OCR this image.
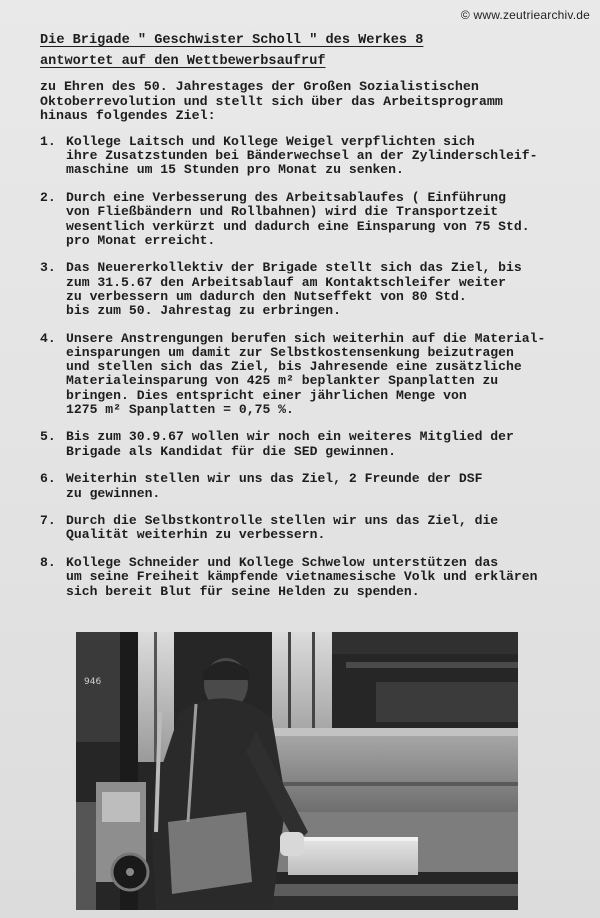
© www.zeutriearchiv.de
Die Brigade " Geschwister Scholl " des Werkes 8
antwortet auf den Wettbewerbsaufruf
zu Ehren des 50. Jahrestages der Großen Sozialistischen
Oktoberrevolution und stellt sich über das Arbeitsprogramm
hinaus folgendes Ziel:
1. Kollege Laitsch und Kollege Weigel verpflichten sich
ihre Zusatzstunden bei Bänderwechsel an der Zylinderschleif-
maschine um 15 Stunden pro Monat zu senken.
2. Durch eine Verbesserung des Arbeitsablaufes ( Einführung
von Fließbändern und Rollbahnen) wird die Transportzeit
wesentlich verkürzt und dadurch eine Einsparung von 75 Std.
pro Monat erreicht.
3. Das Neuererkollektiv der Brigade stellt sich das Ziel, bis
zum 31.5.67 den Arbeitsablauf am Kontaktschleifer weiter
zu verbessern um dadurch den Nutseffekt von 80 Std.
bis zum 50. Jahrestag zu erbringen.
4. Unsere Anstrengungen berufen sich weiterhin auf die Material-
einsparungen um damit zur Selbstkostensenkung beizutragen
und stellen sich das Ziel, bis Jahresende eine zusätzliche
Materialeinsparung von 425 m² beplankter Spanplatten zu
bringen. Dies entspricht einer jährlichen Menge von
1275 m² Spanplatten = 0,75 %.
5. Bis zum 30.9.67 wollen wir noch ein weiteres Mitglied der
Brigade als Kandidat für die SED gewinnen.
6. Weiterhin stellen wir uns das Ziel, 2 Freunde der DSF
zu gewinnen.
7. Durch die Selbstkontrolle stellen wir uns das Ziel, die
Qualität weiterhin zu verbessern.
8. Kollege Schneider und Kollege Schwelow unterstützen das
um seine Freiheit kämpfende vietnamesische Volk und erklären
sich bereit Blut für seine Helden zu spenden.
946
